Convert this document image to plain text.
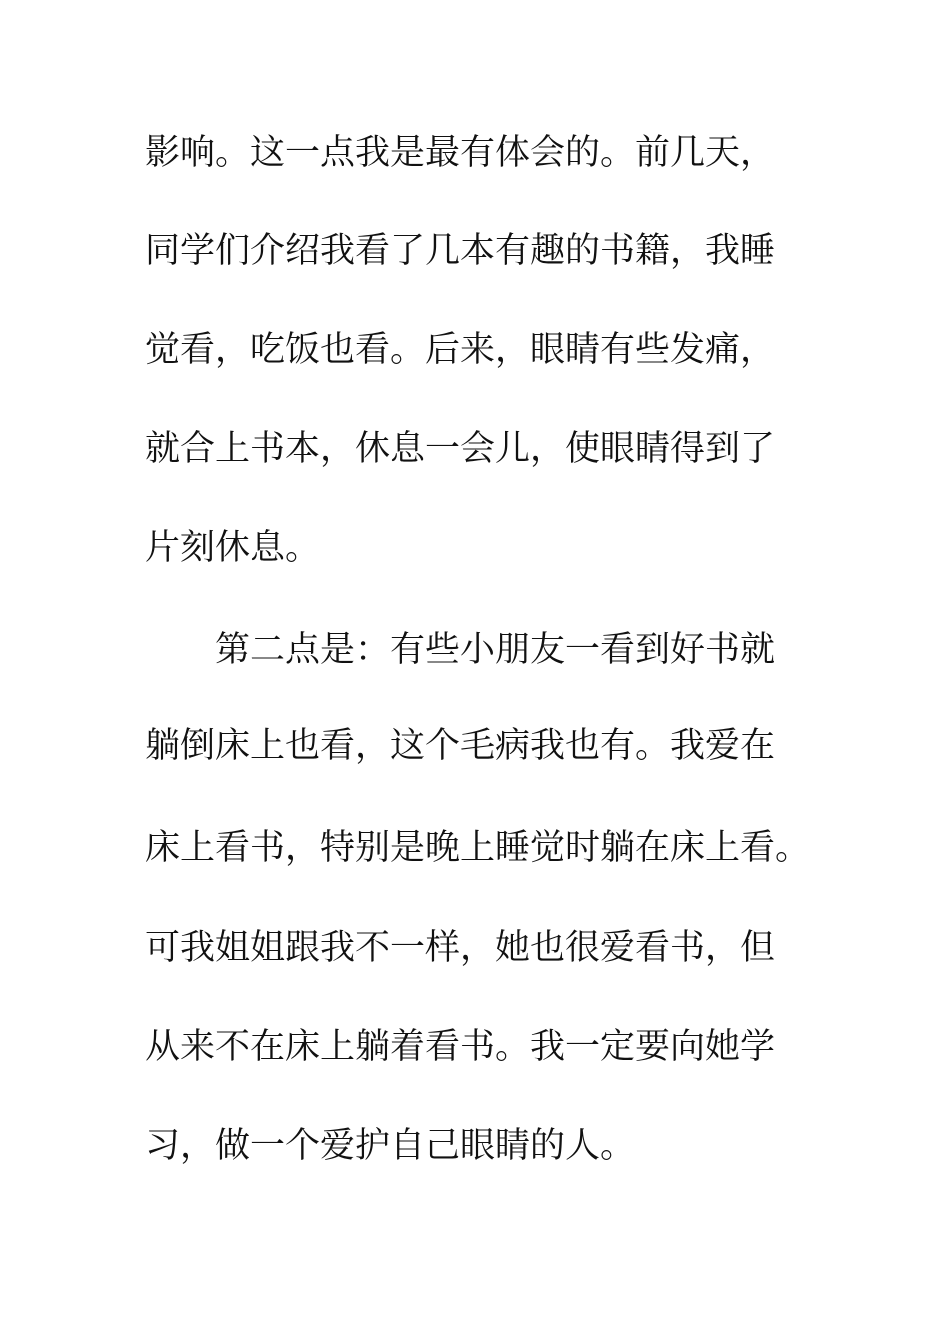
影响。这一点我是最有体会的。前几天，
同学们介绍我看了几本有趣的书籍，我睡
觉看，吃饭也看。后来，眼睛有些发痛，
就合上书本，休息一会儿，使眼睛得到了
片刻休息。
第二点是：有些小朋友一看到好书就
躺倒床上也看，这个毛病我也有。我爱在
床上看书，特别是晚上睡觉时躺在床上看。
可我姐姐跟我不一样，她也很爱看书，但
从来不在床上躺着看书。我一定要向她学
习，做一个爱护自己眼睛的人。
